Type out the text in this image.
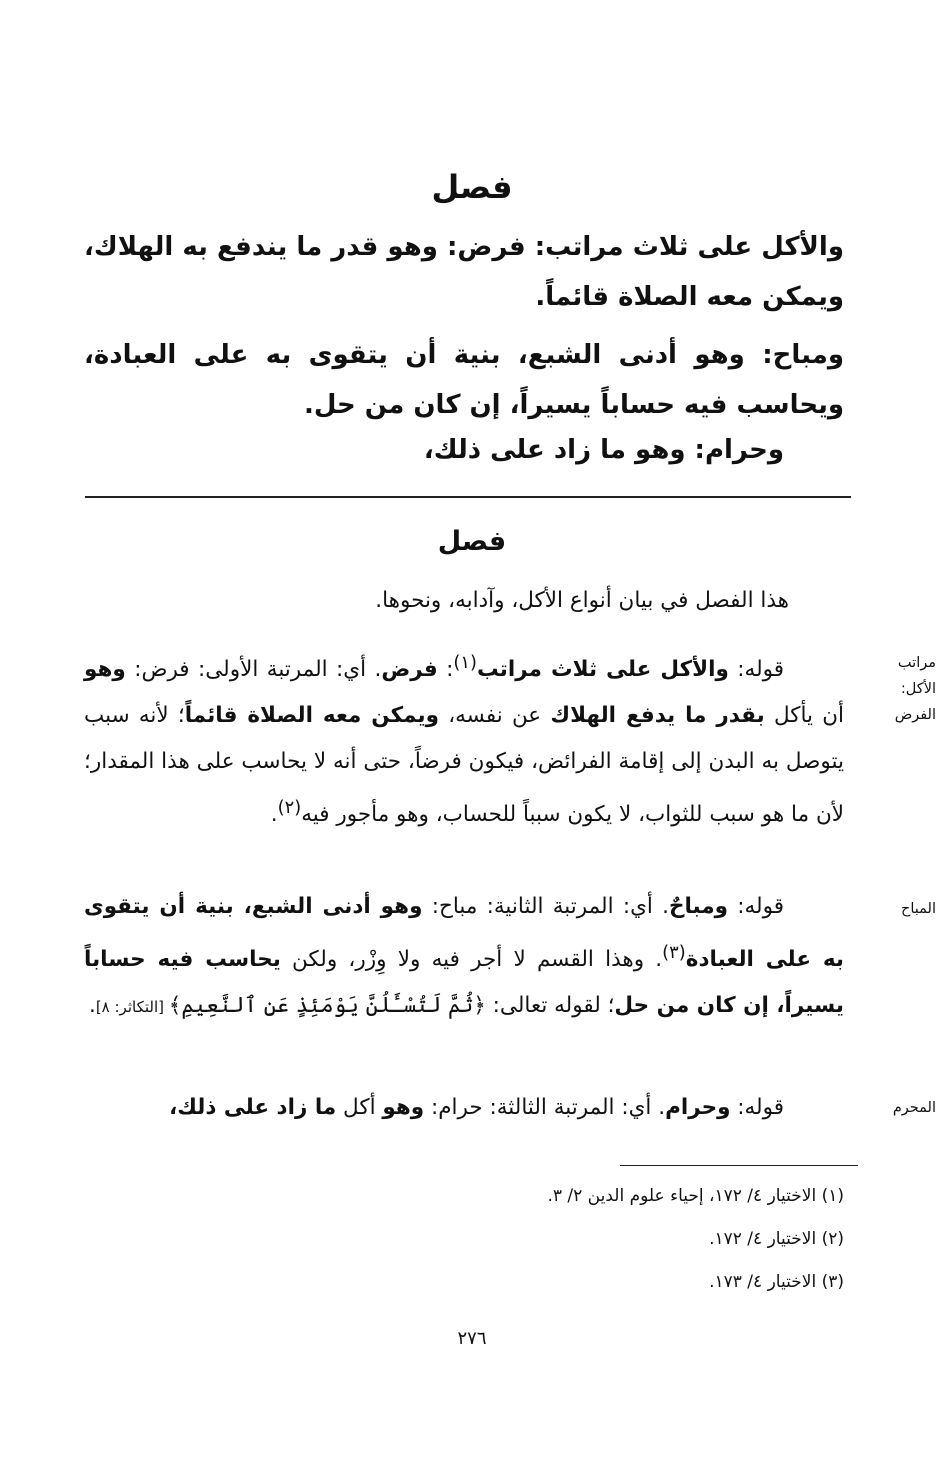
فصل
والأكل على ثلاث مراتب: فرض: وهو قدر ما يندفع به الهلاك، ويمكن معه الصلاة قائماً.
ومباح: وهو أدنى الشبع، بنية أن يتقوى به على العبادة، ويحاسب فيه حساباً يسيراً، إن كان من حل.
وحرام: وهو ما زاد على ذلك،
فصل
هذا الفصل في بيان أنواع الأكل، وآدابه، ونحوها.
مراتب الأكل: الفرض
قوله: والأكل على ثلاث مراتب$^{(١)}$: فرض. أي: المرتبة الأولى: فرض: وهو أن يأكل بقدر ما يدفع الهلاك عن نفسه، ويمكن معه الصلاة قائماً؛ لأنه سبب يتوصل به البدن إلى إقامة الفرائض، فيكون فرضاً، حتى أنه لا يحاسب على هذا المقدار؛ لأن ما هو سبب للثواب، لا يكون سبباً للحساب، وهو مأجور فيه$^{(٢)}$.
المباح
قوله: ومباحٌ. أي: المرتبة الثانية: مباح: وهو أدنى الشبع، بنية أن يتقوى به على العبادة$^{(٣)}$. وهذا القسم لا أجر فيه ولا وِزْر، ولكن يحاسب فيه حساباً يسيراً، إن كان من حل؛ لقوله تعالى: ﴿ثُمَّ لَتُسْـَٔلُنَّ يَوْمَئِذٍ عَنِ ٱلنَّعِيمِ﴾ [التكاثر: ٨].
المحرم
قوله: وحرام. أي: المرتبة الثالثة: حرام: وهو أكل ما زاد على ذلك،
(١) الاختيار ٤/ ١٧٢، إحياء علوم الدين ٢/ ٣.
(٢) الاختيار ٤/ ١٧٢.
(٣) الاختيار ٤/ ١٧٣.
٢٧٦
